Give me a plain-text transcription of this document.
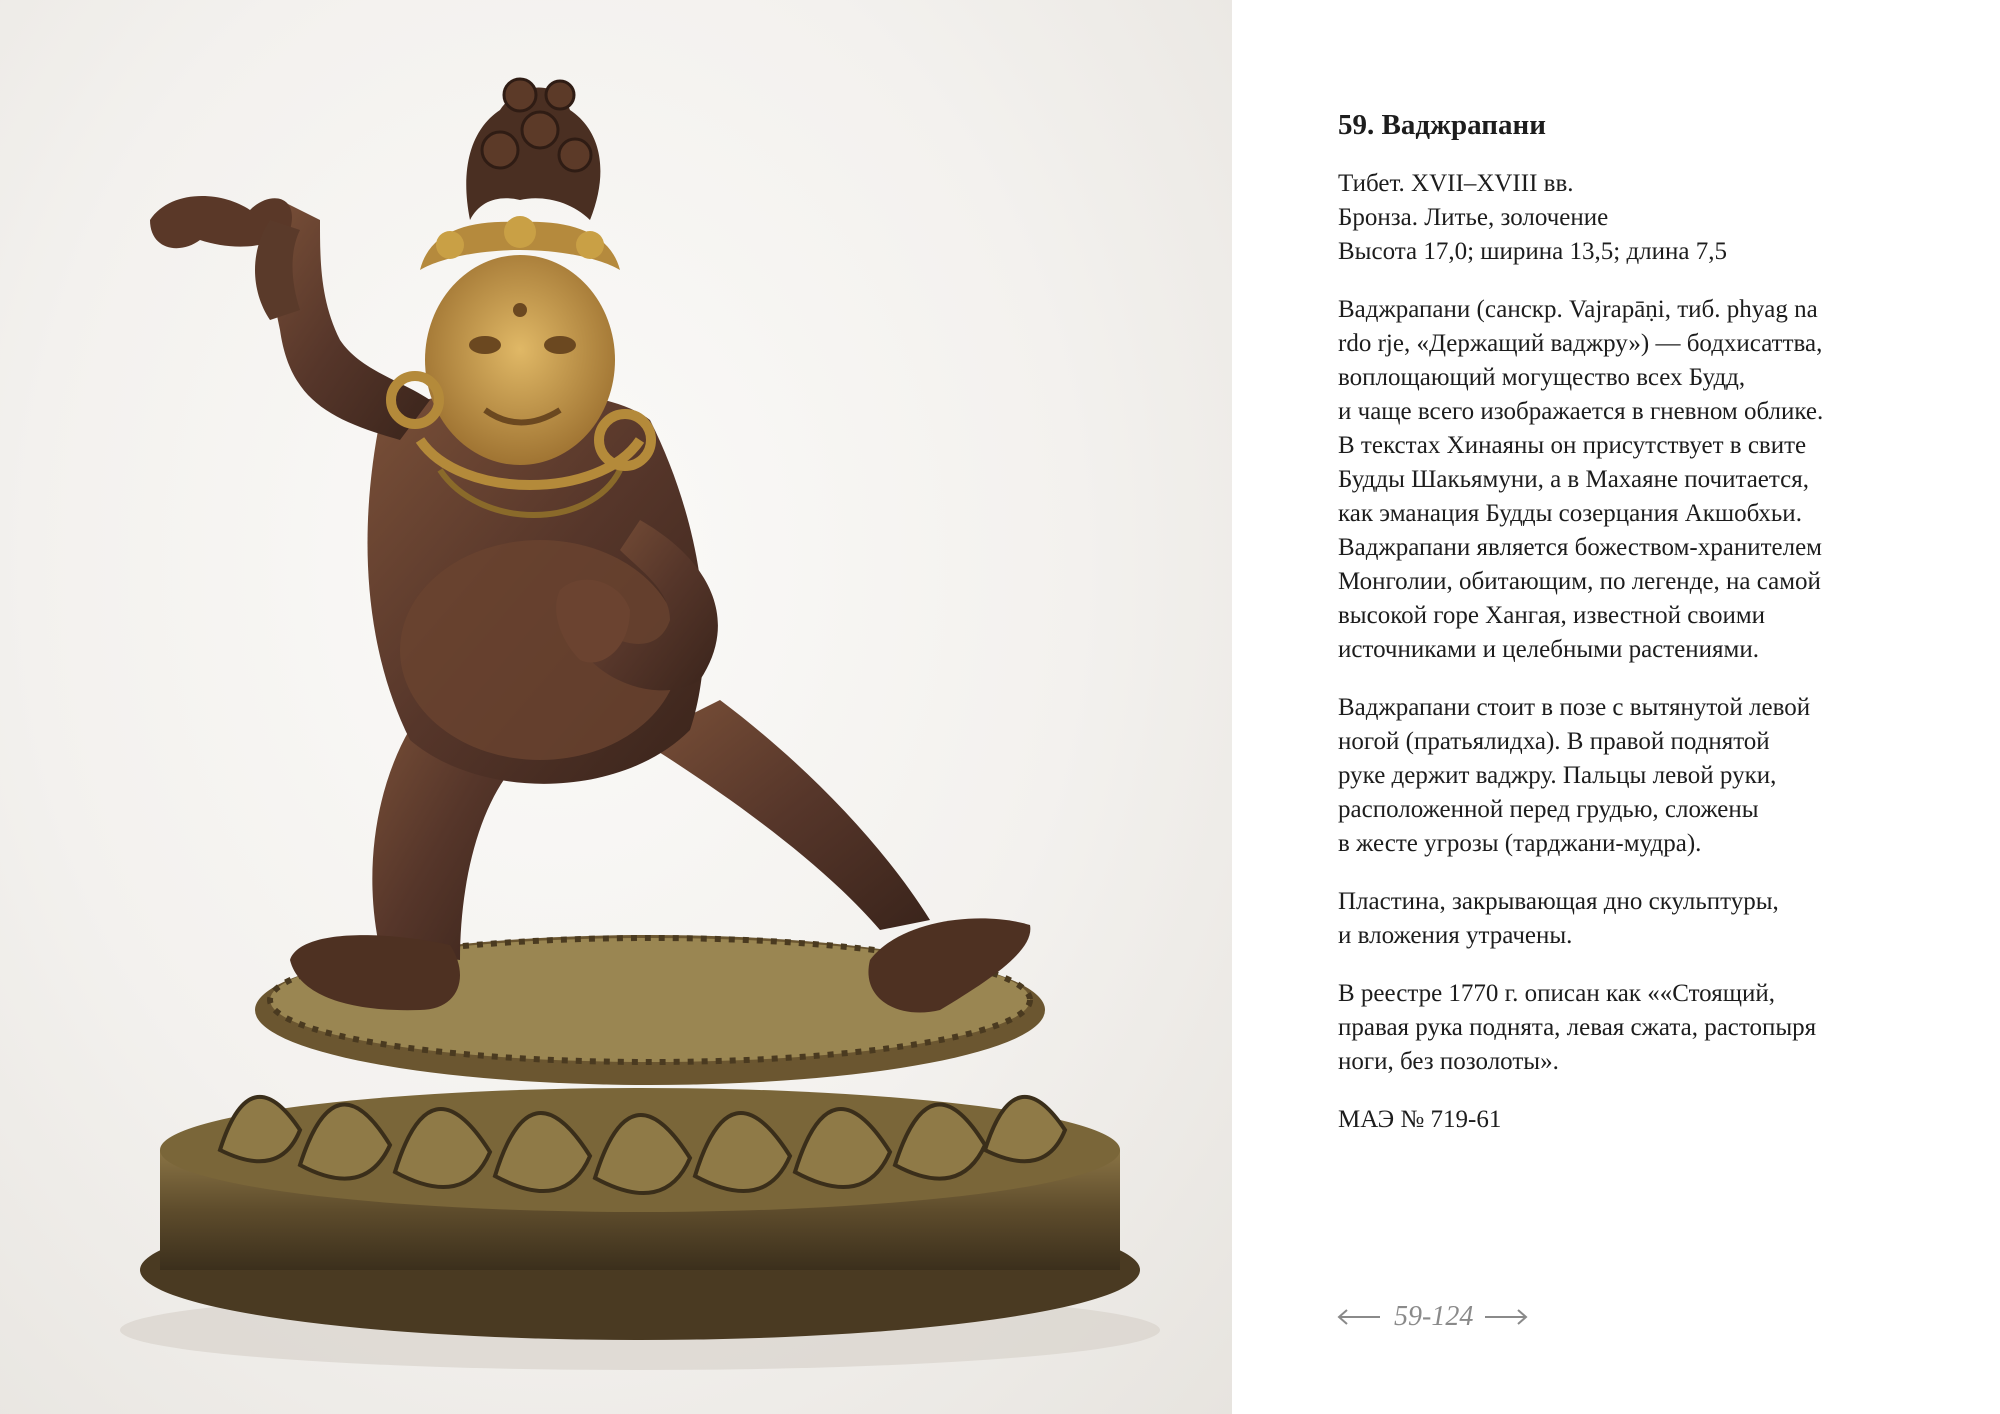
59. Ваджрапани

Тибет. XVII–XVIII вв.

Бронза. Литье, золочение

Высота 17,0; ширина 13,5; длина 7,5

Ваджрапани (санскр. Vajrapāṇi, тиб. phyag na
rdo rje, «Держащий ваджру») — бодхисаттва,
воплощающий могущество всех Будд,
и чаще всего изображается в гневном облике.
В текстах Хинаяны он присутствует в свите
Будды Шакьямуни, а в Махаяне почитается,
как эманация Будды созерцания Акшобхьи.
Ваджрапани является божеством-хранителем
Монголии, обитающим, по легенде, на самой
высокой горе Хангая, известной своими
источниками и целебными растениями.
Ваджрапани стоит в позе с вытянутой левой
ногой (пратьялидха). В правой поднятой
руке держит ваджру. Пальцы левой руки,
расположенной перед грудью, сложены
в жесте угрозы (тарджани-мудра).
Пластина, закрывающая дно скульптуры,
и вложения утрачены.
В реестре 1770 г. описан как ««Стоящий,
правая рука поднята, левая сжата, растопыря
ноги, без позолоты».
МАЭ № 719-61
59-124
